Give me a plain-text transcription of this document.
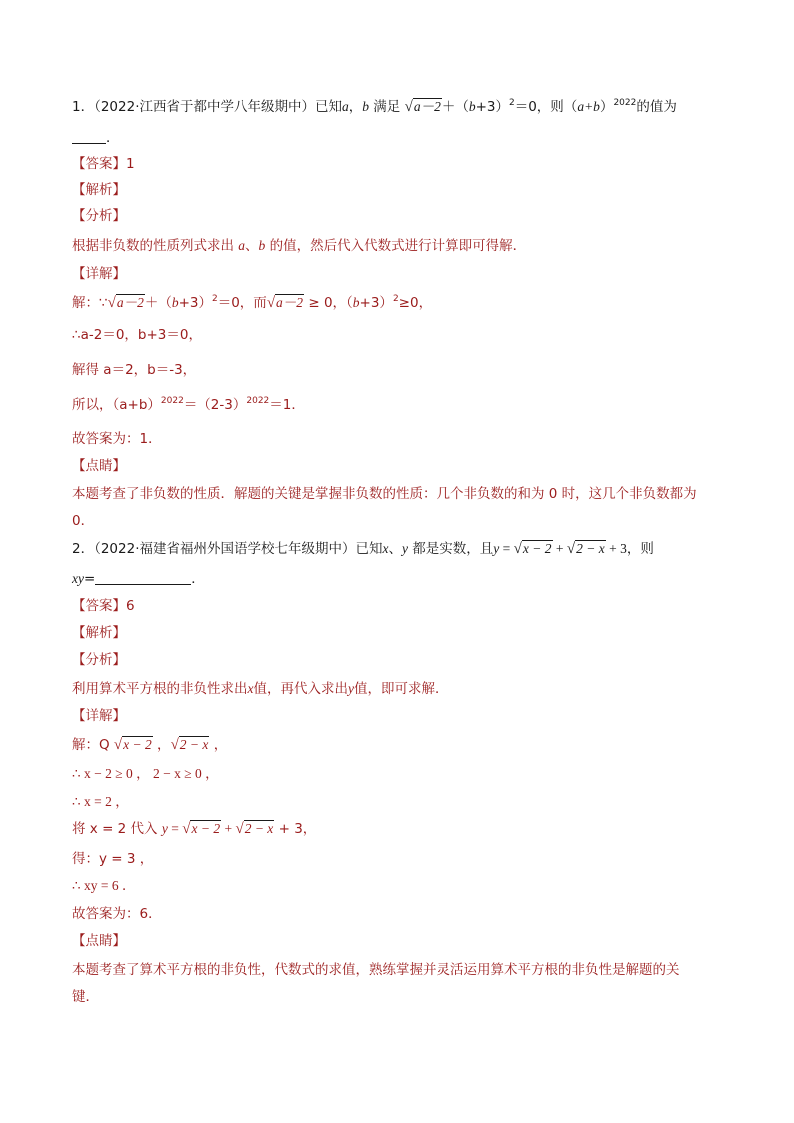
1．（2022·江西省于都中学八年级期中）已知a，b 满足 $√a-2+(b+3)^2=0$，则$(a+b)^{2022}$的值为
．
【答案】1
【解析】
【分析】
根据非负数的性质列式求出 a、b 的值，然后代入代数式进行计算即可得解．
【详解】
解：$\because√a-2+(b+3)^2=0$，而√a－2 ≥ 0，$(b+3)^2\ge 0$，
∴a-2＝0，b+3＝0，
解得 a＝2，b＝-3，
所以，$(a+b)^{2022}=(2-3)^{2022}=1$．
故答案为：1．
【点睛】
本题考查了非负数的性质．解题的关键是掌握非负数的性质：几个非负数的和为 0 时，这几个非负数都为
0．
2．（2022·福建省福州外国语学校七年级期中）已知x、y 都是实数，且y = √x − 2 + √2 − x + 3，则
xy=	．
【答案】6
【解析】
【分析】
利用算术平方根的非负性求出x值，再代入求出y值，即可求解．
【详解】
解：Q √x − 2 ，√2 − x ，
∴ x − 2 ≥ 0 ， 2 − x ≥ 0 ，
∴ x = 2 ，
将 x = 2 代入 y = √x − 2 + √2 − x + 3，
得：y = 3 ，
∴ xy = 6 ．
故答案为：6．
【点睛】
本题考查了算术平方根的非负性，代数式的求值，熟练掌握并灵活运用算术平方根的非负性是解题的关
键．
